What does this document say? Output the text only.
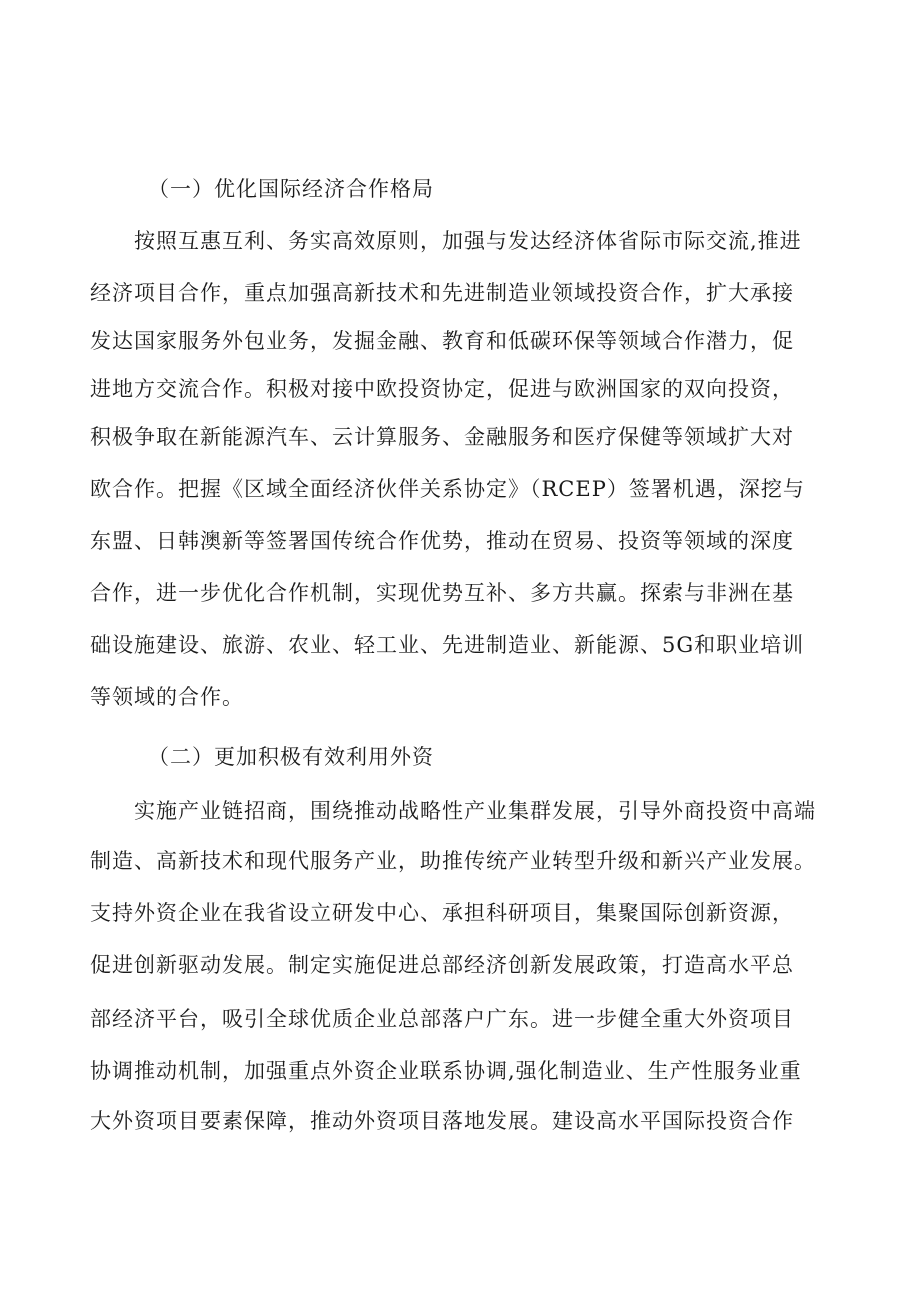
（一）优化国际经济合作格局
按照互惠互利、务实高效原则，加强与发达经济体省际市际交流,推进
经济项目合作，重点加强高新技术和先进制造业领域投资合作，扩大承接
发达国家服务外包业务，发掘金融、教育和低碳环保等领域合作潜力，促
进地方交流合作。积极对接中欧投资协定，促进与欧洲国家的双向投资，
积极争取在新能源汽车、云计算服务、金融服务和医疗保健等领域扩大对
欧合作。把握《区域全面经济伙伴关系协定》（RCEP）签署机遇，深挖与
东盟、日韩澳新等签署国传统合作优势，推动在贸易、投资等领域的深度
合作，进一步优化合作机制，实现优势互补、多方共赢。探索与非洲在基
础设施建设、旅游、农业、轻工业、先进制造业、新能源、5G和职业培训
等领域的合作。
（二）更加积极有效利用外资
实施产业链招商，围绕推动战略性产业集群发展，引导外商投资中高端
制造、高新技术和现代服务产业，助推传统产业转型升级和新兴产业发展。
支持外资企业在我省设立研发中心、承担科研项目，集聚国际创新资源，
促进创新驱动发展。制定实施促进总部经济创新发展政策，打造高水平总
部经济平台，吸引全球优质企业总部落户广东。进一步健全重大外资项目
协调推动机制，加强重点外资企业联系协调,强化制造业、生产性服务业重
大外资项目要素保障，推动外资项目落地发展。建设高水平国际投资合作
